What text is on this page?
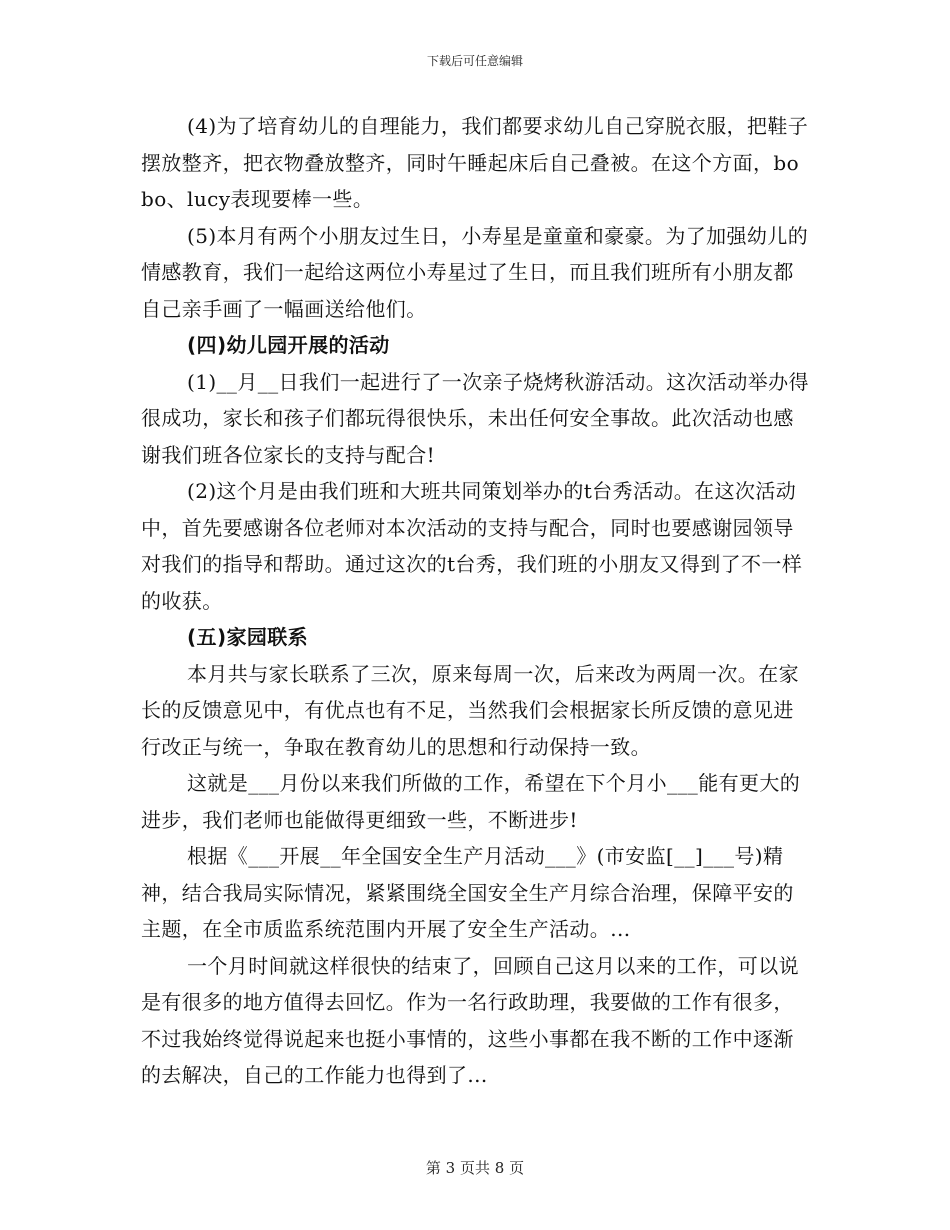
下载后可任意编辑

(4)为了培育幼儿的自理能力，我们都要求幼儿自己穿脱衣服，把鞋子摆放整齐，把衣物叠放整齐，同时午睡起床后自己叠被。在这个方面，bobo、lucy表现要棒一些。

(5)本月有两个小朋友过生日，小寿星是童童和豪豪。为了加强幼儿的情感教育，我们一起给这两位小寿星过了生日，而且我们班所有小朋友都自己亲手画了一幅画送给他们。

(四)幼儿园开展的活动

(1)__月__日我们一起进行了一次亲子烧烤秋游活动。这次活动举办得很成功，家长和孩子们都玩得很快乐，未出任何安全事故。此次活动也感谢我们班各位家长的支持与配合!

(2)这个月是由我们班和大班共同策划举办的t台秀活动。在这次活动中，首先要感谢各位老师对本次活动的支持与配合，同时也要感谢园领导对我们的指导和帮助。通过这次的t台秀，我们班的小朋友又得到了不一样的收获。

(五)家园联系

本月共与家长联系了三次，原来每周一次，后来改为两周一次。在家长的反馈意见中，有优点也有不足，当然我们会根据家长所反馈的意见进行改正与统一，争取在教育幼儿的思想和行动保持一致。

这就是___月份以来我们所做的工作，希望在下个月小___能有更大的进步，我们老师也能做得更细致一些，不断进步!

根据《___开展__年全国安全生产月活动___》(市安监[__]___号)精神，结合我局实际情况，紧紧围绕全国安全生产月综合治理，保障平安的主题，在全市质监系统范围内开展了安全生产活动。...

一个月时间就这样很快的结束了，回顾自己这月以来的工作，可以说是有很多的地方值得去回忆。作为一名行政助理，我要做的工作有很多，不过我始终觉得说起来也挺小事情的，这些小事都在我不断的工作中逐渐的去解决，自己的工作能力也得到了...

第 3 页共 8 页
